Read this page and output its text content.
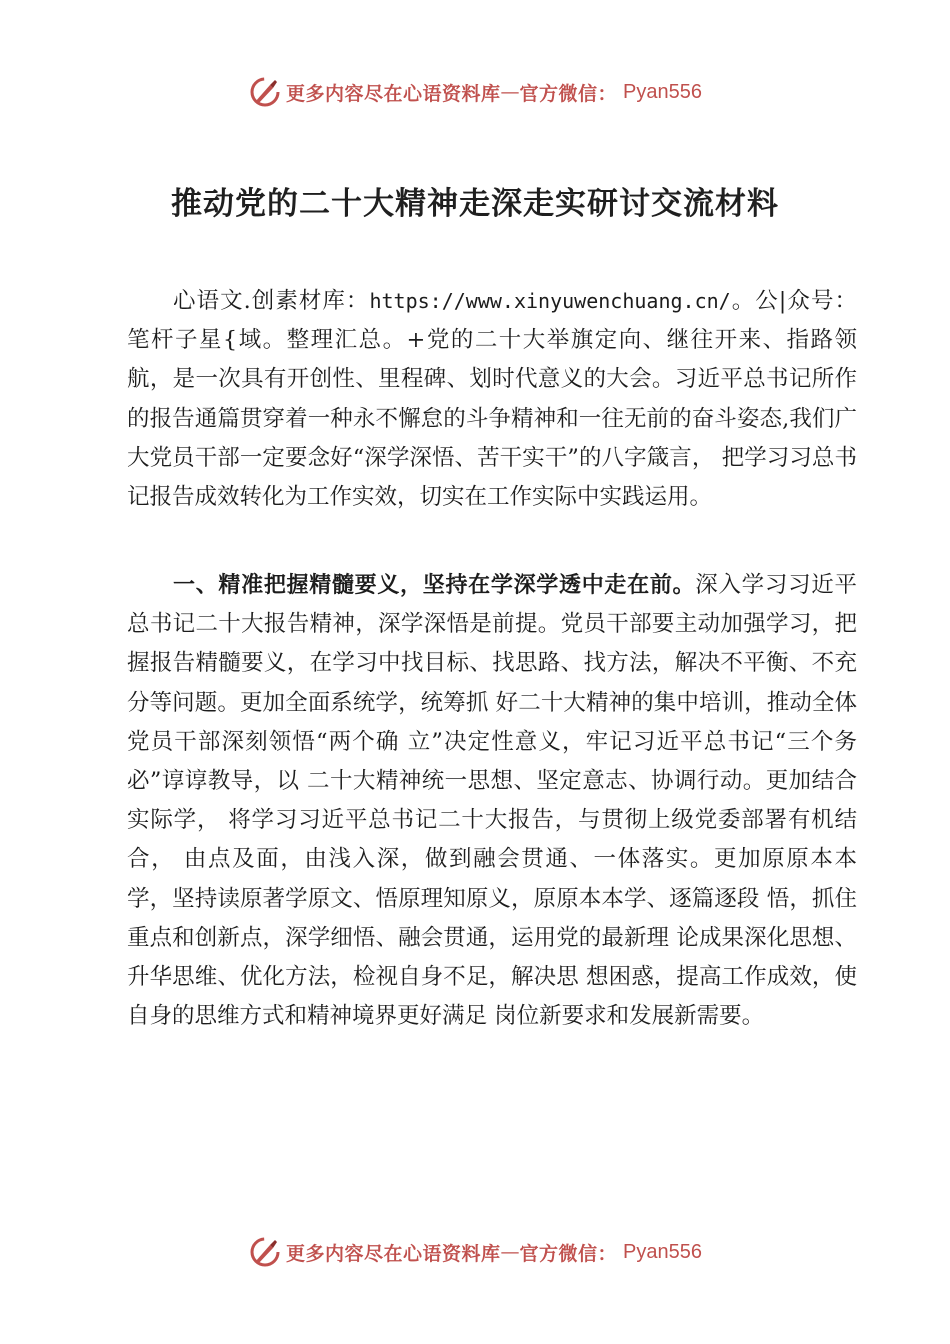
更多内容尽在心语资料库 — 官方微信： Pyan556
推动党的二十大精神走深走实研讨交流材料

心语文.创素材库：https://www.xinyuwenchuang.cn/。公|众号：笔杆子星{域。整理汇总。+党的二十大举旗定向、继往开来、指路领航，是一次具有开创性、里程碑、划时代意义的大会。习近平总书记所作的报告通篇贯穿着一种永不懈怠的斗争精神和一往无前的奋斗姿态,我们广大党员干部一定要念好“深学深悟、苦干实干”的八字箴言， 把学习习总书记报告成效转化为工作实效，切实在工作实际中实践运用。

一、精准把握精髓要义，坚持在学深学透中走在前。深入学习习近平总书记二十大报告精神，深学深悟是前提。党员干部要主动加强学习，把握报告精髓要义，在学习中找目标、找思路、找方法，解决不平衡、不充分等问题。更加全面系统学，统筹抓 好二十大精神的集中培训，推动全体党员干部深刻领悟“两个确 立”决定性意义，牢记习近平总书记“三个务必”谆谆教导，以 二十大精神统一思想、坚定意志、协调行动。更加结合实际学， 将学习习近平总书记二十大报告，与贯彻上级党委部署有机结合， 由点及面，由浅入深，做到融会贯通、一体落实。更加原原本本 学，坚持读原著学原文、悟原理知原义，原原本本学、逐篇逐段 悟，抓住重点和创新点，深学细悟、融会贯通，运用党的最新理 论成果深化思想、升华思维、优化方法，检视自身不足，解决思 想困惑，提高工作成效，使自身的思维方式和精神境界更好满足 岗位新要求和发展新需要。

更多内容尽在心语资料库 — 官方微信： Pyan556
